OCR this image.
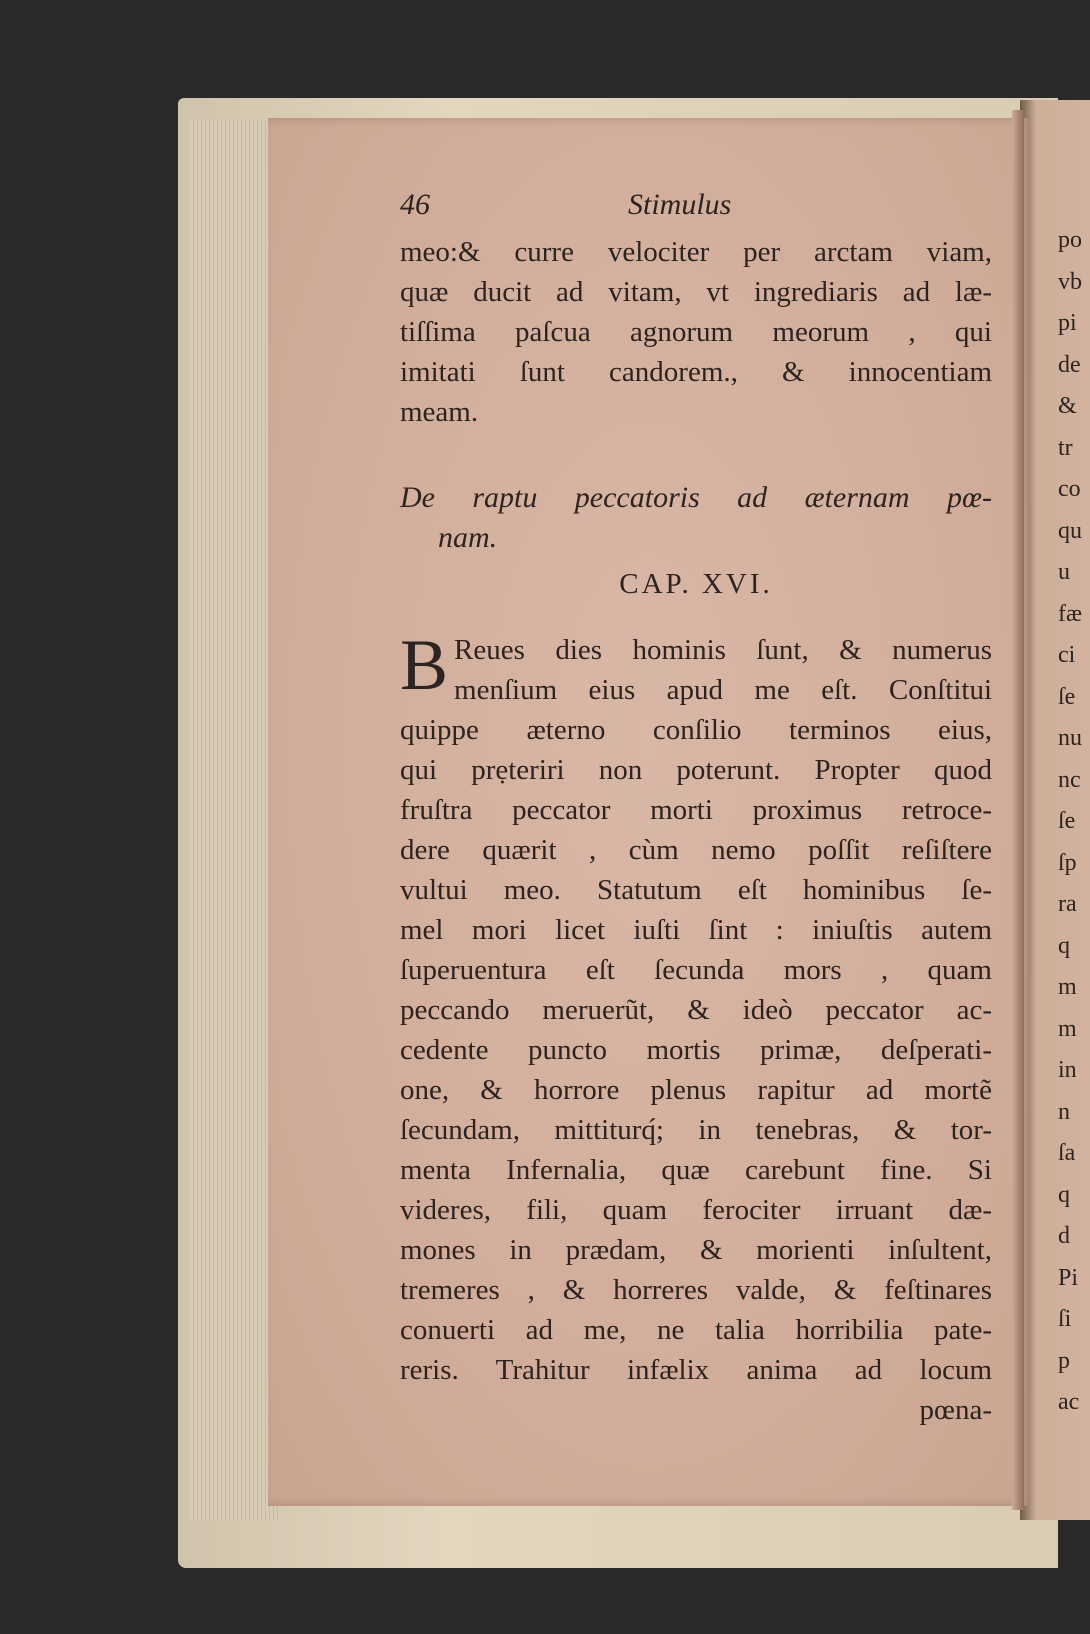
46	Stimulus
meo:& curre velociter per arctam viam,
quæ ducit ad vitam, vt ingrediaris ad læ-
tiſſima paſcua agnorum meorum , qui
imitati ſunt candorem., & innocentiam
meam.
De raptu peccatoris ad æternam pœ-
nam.
CAP. XVI.
B Reues dies hominis ſunt, & numerus
menſium eius apud me eſt. Conſtitui
quippe æterno conſilio terminos eius,
qui prẹteriri non poterunt. Propter quod
fruſtra peccator morti proximus retroce-
dere quærit , cùm nemo poſſit reſiſtere
vultui meo. Statutum eſt hominibus ſe-
mel mori licet iuſti ſint : iniuſtis autem
ſuperuentura eſt ſecunda mors , quam
peccando meruerũt, & ideò peccator ac-
cedente puncto mortis primæ, deſperati-
one, & horrore plenus rapitur ad mortẽ
ſecundam, mittiturq́; in tenebras, & tor-
menta Infernalia, quæ carebunt fine. Si
videres, fili, quam ferociter irruant dæ-
mones in prædam, & morienti inſultent,
tremeres , & horreres valde, & feſtinares
conuerti ad me, ne talia horribilia pate-
reris. Trahitur infælix anima ad locum
pœna-
po
vb
pi
de
&
tr
co
qu
u
fæ
ci
ſe
nu
nc
ſe
ſp
ra
q
m
m
in
n
ſa
q
d
Pi
ſi
p
ac
